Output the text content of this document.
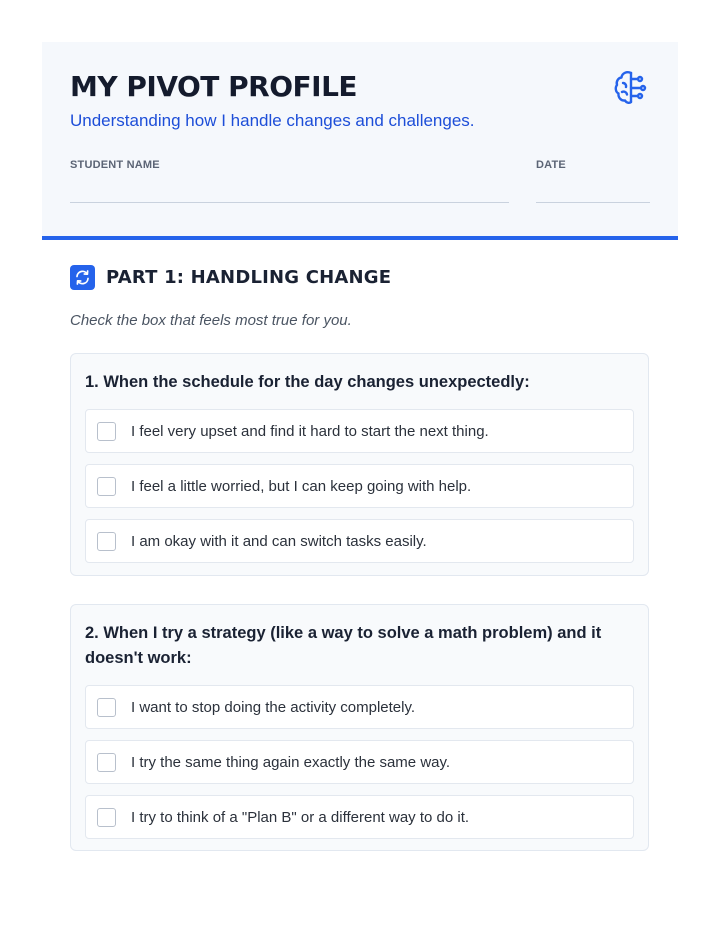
MY PIVOT PROFILE
Understanding how I handle changes and challenges.
STUDENT NAME	DATE
PART 1: HANDLING CHANGE
Check the box that feels most true for you.
1. When the schedule for the day changes unexpectedly:
I feel very upset and find it hard to start the next thing.
I feel a little worried, but I can keep going with help.
I am okay with it and can switch tasks easily.
2. When I try a strategy (like a way to solve a math problem) and it doesn't work:
I want to stop doing the activity completely.
I try the same thing again exactly the same way.
I try to think of a "Plan B" or a different way to do it.
